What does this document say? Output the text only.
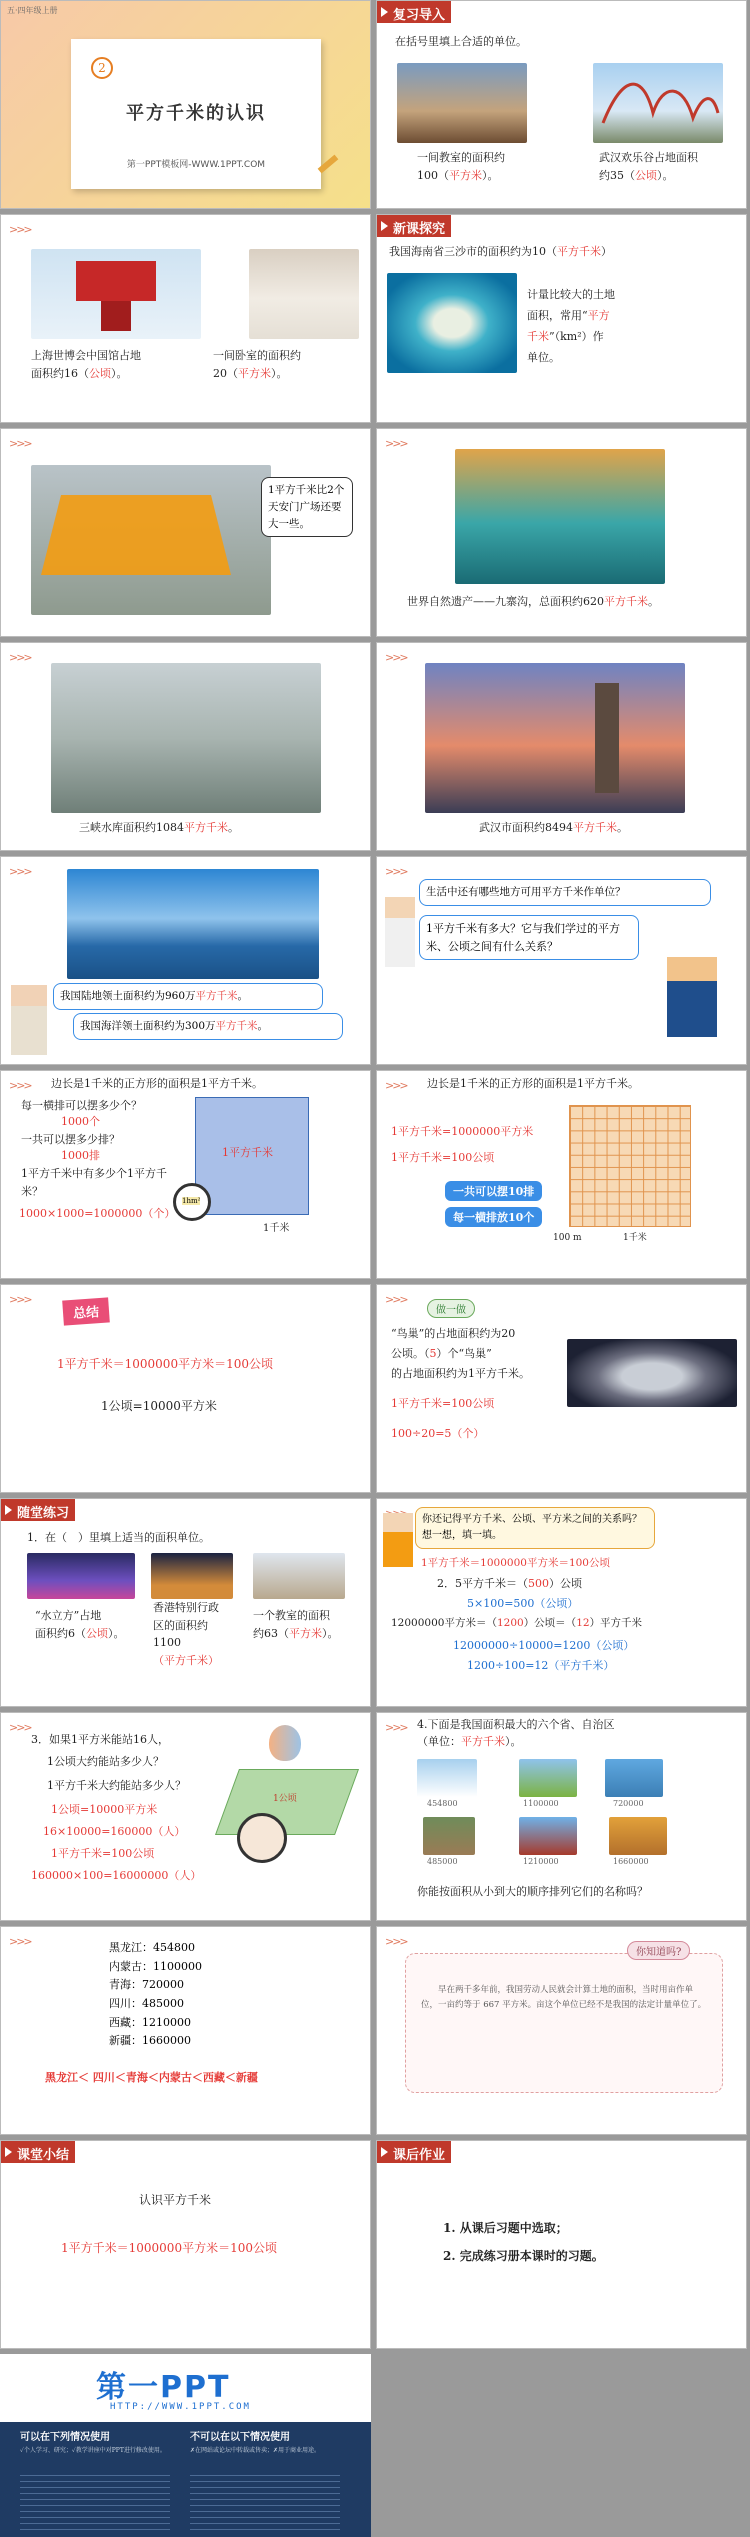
五·四年级上册
2
平方千米的认识
第一PPT模板网-WWW.1PPT.COM
复习导入
在括号里填上合适的单位。
一间教室的面积约
100（平方米）。
武汉欢乐谷占地面积
约35（公顷）。
>>>
上海世博会中国馆占地
面积约16（公顷）。
一间卧室的面积约
20（平方米）。
新课探究
我国海南省三沙市的面积约为10（平方千米）
计量比较大的土地
面积，常用“平方
千米”（km²）作
单位。
>>>
1平方千米比2个天安门广场还要大一些。
>>>
世界自然遗产——九寨沟，总面积约620平方千米。
>>>
三峡水库面积约1084平方千米。
>>>
武汉市面积约8494平方千米。
>>>
我国陆地领土面积约为960万平方千米。
我国海洋领土面积约为300万平方千米。
>>>
生活中还有哪些地方可用平方千米作单位？
1平方千米有多大？它与我们学过的平方米、公顷之间有什么关系？
>>> 边长是1千米的正方形的面积是1平方千米。
每一横排可以摆多少个？
1000个
一共可以摆多少排？
1000排
1平方千米中有多少个1平方千米？
1000×1000=1000000（个）
1平方千米
1hm²
1千米
>>> 边长是1千米的正方形的面积是1平方千米。
1平方千米=1000000平方米
1平方千米=100公顷
一共可以摆10排
每一横排放10个
100 m	1千米
>>>
总结
1平方千米＝1000000平方米＝100公顷
1公顷=10000平方米
>>>
做一做
“鸟巢”的占地面积约为20
公顷。（5）个“鸟巢”
的占地面积约为1平方千米。
1平方千米=100公顷
100÷20=5（个）
随堂练习
1．在（　）里填上适当的面积单位。
“水立方”占地
面积约6（公顷）。
香港特别行政
区的面积约
1100
（平方千米）
一个教室的面积
约63（平方米）。
你还记得平方千米、公顷、平方米之间的关系吗？想一想，填一填。
1平方千米＝1000000平方米＝100公顷
2．5平方千米＝（500）公顷
5×100=500（公顷）
12000000平方米＝（1200）公顷＝（12）平方千米
12000000÷10000=1200（公顷）
1200÷100=12（平方千米）
>>>
3．如果1平方米能站16人，
1公顷大约能站多少人？
1平方千米大约能站多少人？
1公顷=10000平方米
16×10000=160000（人）
1平方千米=100公顷
160000×100=16000000（人）
1公顷
>>> 4.下面是我国面积最大的六个省、自治区
（单位：平方千米）。
454800	1100000	720000
485000	1210000	1660000
你能按面积从小到大的顺序排列它们的名称吗？
>>>	黑龙江：454800
内蒙古：1100000
青海：720000
四川：485000
西藏：1210000
新疆：1660000
黑龙江＜ 四川＜青海＜内蒙古＜西藏＜新疆
>>>
你知道吗?
早在两千多年前，我国劳动人民就会计算土地的面积，当时用亩作单位，一亩约等于 667 平方米。亩这个单位已经不是我国的法定计量单位了。
课堂小结
认识平方千米
1平方千米＝1000000平方米＝100公顷
课后作业
1. 从课后习题中选取；
2. 完成练习册本课时的习题。
第一PPT
HTTP://WWW.1PPT.COM
可以在下列情况使用	不可以在以下情况使用
✓个人学习、研究；✓教学讲座中对PPT进行修改使用。	✗在网站或论坛中转载或售卖；✗用于商业用途。
